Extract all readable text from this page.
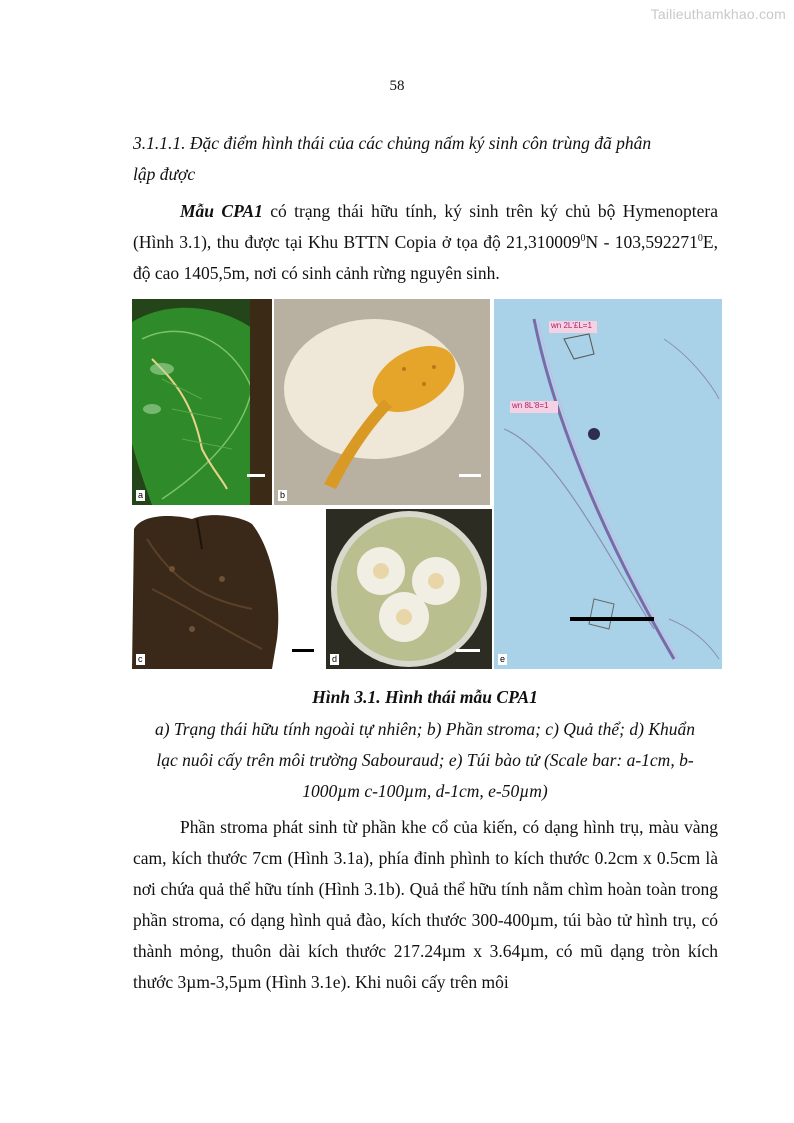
Tailieuthamkhao.com
58
3.1.1.1. Đặc điểm hình thái của các chủng nấm ký sinh côn trùng đã phân
lập được
Mẫu CPA1 có trạng thái hữu tính, ký sinh trên ký chủ bộ Hymenoptera (Hình 3.1), thu được tại Khu BTTN Copia ở tọa độ 21,310009$^0$N - 103,592271$^0$E, độ cao 1405,5m, nơi có sinh cảnh rừng nguyên sinh.
a	b
wn 2L'£L=1
wn 8L'8=1
e
c	d
Hình 3.1. Hình thái mẫu CPA1
a) Trạng thái hữu tính ngoài tự nhiên; b) Phần stroma; c) Quả thể; d) Khuẩn
lạc nuôi cấy trên môi trường Sabouraud; e) Túi bào tử (Scale bar: a-1cm, b-
1000µm c-100µm, d-1cm, e-50µm)
Phần stroma phát sinh từ phần khe cổ của kiến, có dạng hình trụ, màu vàng cam, kích thước 7cm (Hình 3.1a), phía đỉnh phình to kích thước 0.2cm x 0.5cm là nơi chứa quả thể hữu tính (Hình 3.1b). Quả thể hữu tính nằm chìm hoàn toàn trong phần stroma, có dạng hình quả đào, kích thước 300-400µm, túi bào tử hình trụ, có thành mỏng, thuôn dài kích thước 217.24µm x 3.64µm, có mũ dạng tròn kích thước 3µm-3,5µm (Hình 3.1e). Khi nuôi cấy trên môi
